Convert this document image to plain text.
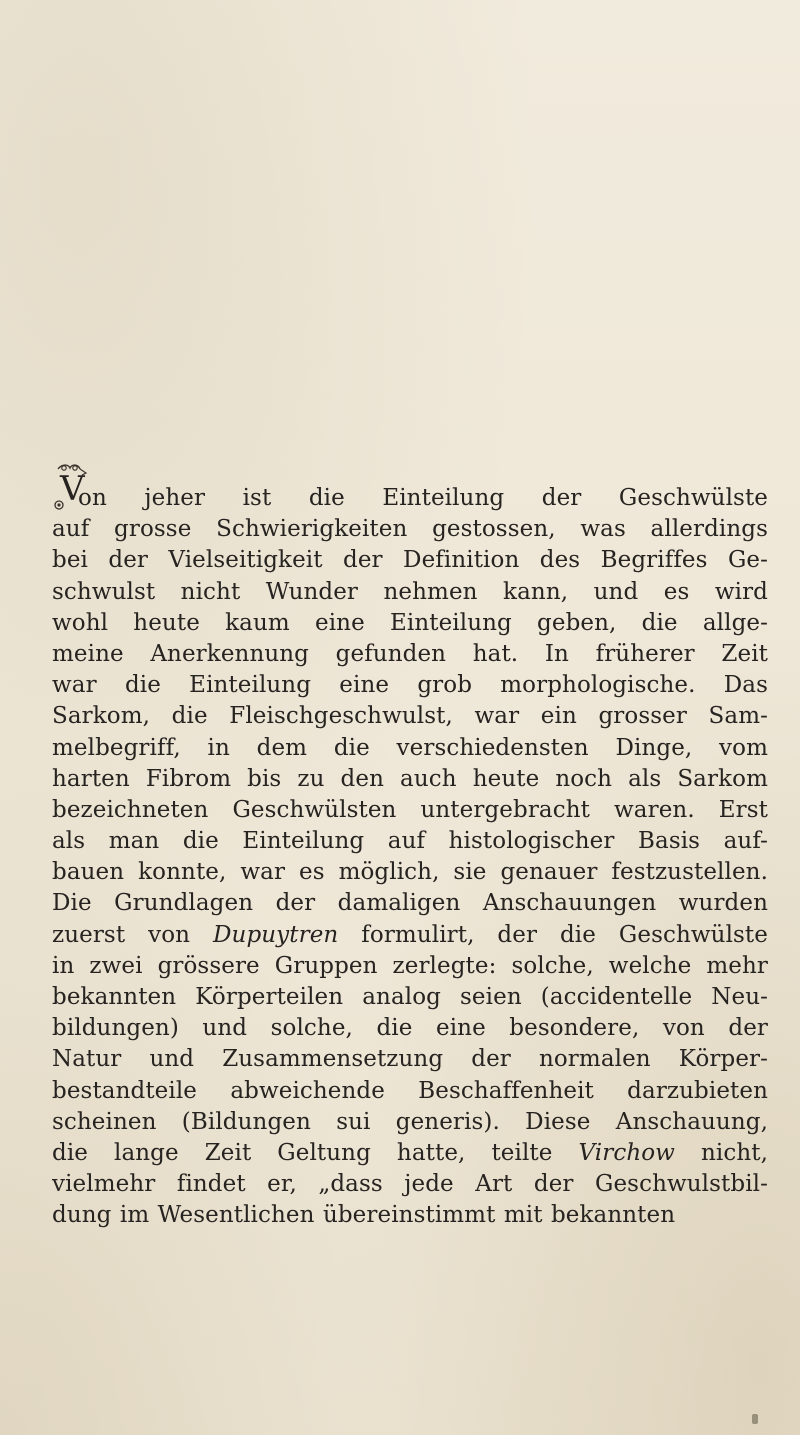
V
on jeher ist die Einteilung der Geschwülste
auf grosse Schwierigkeiten gestossen, was allerdings
bei der Vielseitigkeit der Definition des Begriffes Ge-
schwulst nicht Wunder nehmen kann, und es wird
wohl heute kaum eine Einteilung geben, die allge-
meine Anerkennung gefunden hat. In früherer Zeit
war die Einteilung eine grob morphologische. Das
Sarkom, die Fleischgeschwulst, war ein grosser Sam-
melbegriff, in dem die verschiedensten Dinge, vom
harten Fibrom bis zu den auch heute noch als Sarkom
bezeichneten Geschwülsten untergebracht waren. Erst
als man die Einteilung auf histologischer Basis auf-
bauen konnte, war es möglich, sie genauer festzustellen.
Die Grundlagen der damaligen Anschauungen wurden
zuerst von Dupuytren formulirt, der die Geschwülste
in zwei grössere Gruppen zerlegte: solche, welche mehr
bekannten Körperteilen analog seien (accidentelle Neu-
bildungen) und solche, die eine besondere, von der
Natur und Zusammensetzung der normalen Körper-
bestandteile abweichende Beschaffenheit darzubieten
scheinen (Bildungen sui generis). Diese Anschauung,
die lange Zeit Geltung hatte, teilte Virchow nicht,
vielmehr findet er, „dass jede Art der Geschwulstbil-
dung im Wesentlichen übereinstimmt mit bekannten
